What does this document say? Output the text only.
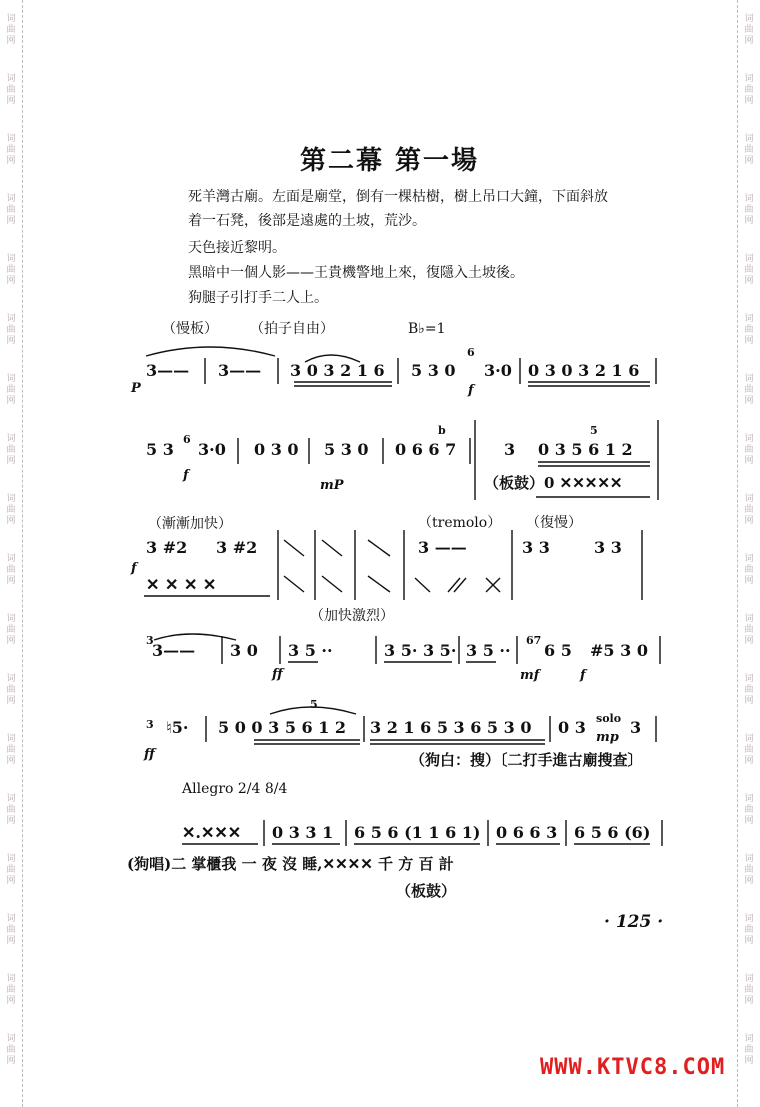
词
曲
网
词
曲
网
词
曲
网
词
曲
网
词
曲
网
词
曲
网
词
曲
网
词
曲
网
词
曲
网
词
曲
网
词
曲
网
词
曲
网
词
曲
网
词
曲
网
词
曲
网
词
曲
网
词
曲
网
词
曲
网
词
曲
网
词
曲
网
词
曲
网
词
曲
网
词
曲
网
词
曲
网
词
曲
网
词
曲
网
词
曲
网
词
曲
网
词
曲
网
词
曲
网
词
曲
网
词
曲
网
词
曲
网
词
曲
网
词
曲
网
词
曲
网
第二幕 第一場
死羊灣古廟。左面是廟堂，倒有一棵枯樹，樹上吊口大鐘，下面斜放
着一石凳，後部是遠處的土坡，荒沙。
天色接近黎明。
黑暗中一個人影——王貴機警地上來，復隱入土坡後。
狗腿子引打手二人上。
（慢板） （拍子自由）	B♭=1
P
3—— 3—— 3 0 3 2 1 6 5 3 0
6
3·0
f
0 3 0 3 2 1 6
5 3
6
3·0
f
0 3 0 5 3 0
mP
0 6 6 7
b
3 0 3 5 6 1 2
5
（板鼓）0 ✕✕✕✕✕
（漸漸加快）	（tremolo） （復慢）
f
3 #2 3 #2
✕ ✕ ✕ ✕
3 ——	3 3	3 3
（加快激烈）
3
3—— 3 0
ff
3 5 ··	3 5· 3 5· 3 5 ··
67
6 5
mf
#5 3 0
f
3 ♮5·
ff
5 0 0 3 5 6 1 2
5
3 2 1 6 5 3 6 5 3 0 0 3 solo
mp
3
（狗白：搜）〔二打手進古廟搜查〕
Allegro 2/4 8/4
✕.✕✕✕ 0 3 3 1 6 5 6 (1 1 6 1) 0 6 6 3 6 5 6 (6)
(狗唱)二 掌櫃我 一 夜 沒 睡,✕✕✕✕ 千 方 百 計
（板鼓）
· 125 ·
WWW.KTVC8.COM
